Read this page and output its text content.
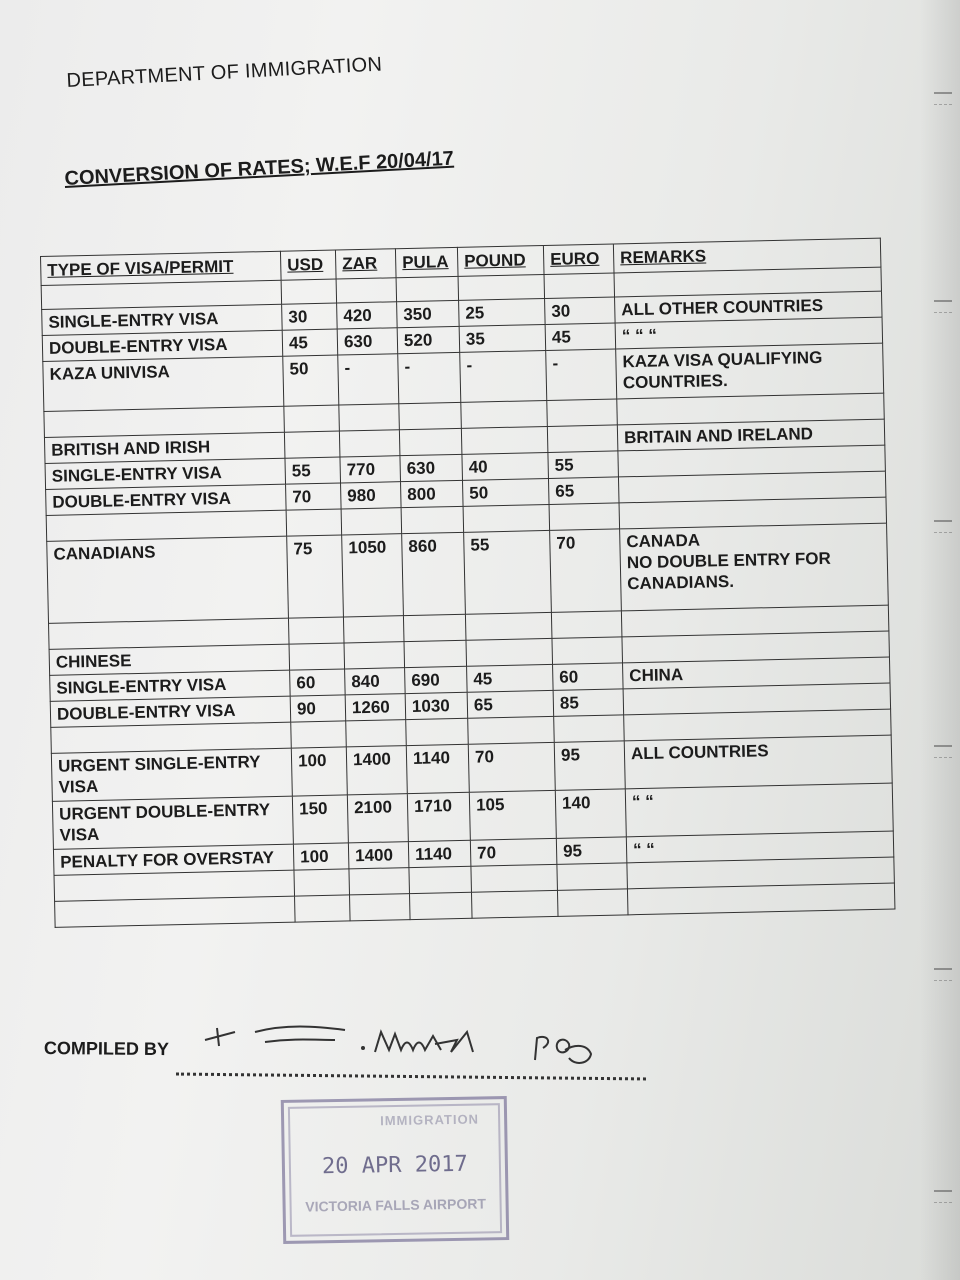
DEPARTMENT OF IMMIGRATION
CONVERSION OF RATES; W.E.F 20/04/17
TYPE OF VISA/PERMIT	USD	ZAR	PULA	POUND	EURO	REMARKS

SINGLE-ENTRY VISA	30	420	350	25	30	ALL OTHER COUNTRIES
DOUBLE-ENTRY VISA	45	630	520	35	45	“ “ “
KAZA UNIVISA	50	-	-	-	-	KAZA VISA QUALIFYING COUNTRIES.

BRITISH AND IRISH						BRITAIN AND IRELAND
SINGLE-ENTRY VISA	55	770	630	40	55	
DOUBLE-ENTRY VISA	70	980	800	50	65	

CANADIANS	75	1050	860	55	70	CANADA
NO DOUBLE ENTRY FOR CANADIANS.

CHINESE						
SINGLE-ENTRY VISA	60	840	690	45	60	CHINA
DOUBLE-ENTRY VISA	90	1260	1030	65	85	

URGENT SINGLE-ENTRY VISA	100	1400	1140	70	95	ALL COUNTRIES
URGENT DOUBLE-ENTRY VISA	150	2100	1710	105	140	“ “
PENALTY FOR OVERSTAY	100	1400	1140	70	95	“ “

COMPILED BY
IMMIGRATION
20 APR 2017
VICTORIA FALLS AIRPORT
